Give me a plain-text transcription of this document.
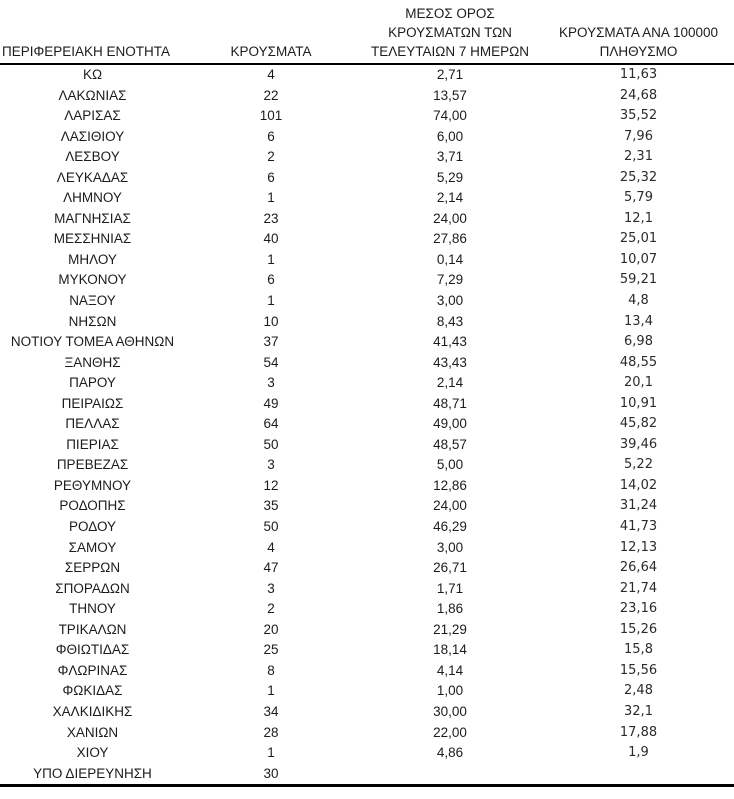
ΠΕΡΙΦΕΡΕΙΑΚΗ ΕΝΟΤΗΤΑ	ΚΡΟΥΣΜΑΤΑ	ΜΕΣΟΣ ΟΡΟΣ
ΚΡΟΥΣΜΑΤΩΝ ΤΩΝ
ΤΕΛΕΥΤΑΙΩΝ 7 ΗΜΕΡΩΝ	ΚΡΟΥΣΜΑΤΑ ΑΝΑ 100000
ΠΛΗΘΥΣΜΟ
ΚΩ	4	2,71	11,63
ΛΑΚΩΝΙΑΣ	22	13,57	24,68
ΛΑΡΙΣΑΣ	101	74,00	35,52
ΛΑΣΙΘΙΟΥ	6	6,00	7,96
ΛΕΣΒΟΥ	2	3,71	2,31
ΛΕΥΚΑΔΑΣ	6	5,29	25,32
ΛΗΜΝΟΥ	1	2,14	5,79
ΜΑΓΝΗΣΙΑΣ	23	24,00	12,1
ΜΕΣΣΗΝΙΑΣ	40	27,86	25,01
ΜΗΛΟΥ	1	0,14	10,07
ΜΥΚΟΝΟΥ	6	7,29	59,21
ΝΑΞΟΥ	1	3,00	4,8
ΝΗΣΩΝ	10	8,43	13,4
ΝΟΤΙΟΥ ΤΟΜΕΑ ΑΘΗΝΩΝ	37	41,43	6,98
ΞΑΝΘΗΣ	54	43,43	48,55
ΠΑΡΟΥ	3	2,14	20,1
ΠΕΙΡΑΙΩΣ	49	48,71	10,91
ΠΕΛΛΑΣ	64	49,00	45,82
ΠΙΕΡΙΑΣ	50	48,57	39,46
ΠΡΕΒΕΖΑΣ	3	5,00	5,22
ΡΕΘΥΜΝΟΥ	12	12,86	14,02
ΡΟΔΟΠΗΣ	35	24,00	31,24
ΡΟΔΟΥ	50	46,29	41,73
ΣΑΜΟΥ	4	3,00	12,13
ΣΕΡΡΩΝ	47	26,71	26,64
ΣΠΟΡΑΔΩΝ	3	1,71	21,74
ΤΗΝΟΥ	2	1,86	23,16
ΤΡΙΚΑΛΩΝ	20	21,29	15,26
ΦΘΙΩΤΙΔΑΣ	25	18,14	15,8
ΦΛΩΡΙΝΑΣ	8	4,14	15,56
ΦΩΚΙΔΑΣ	1	1,00	2,48
ΧΑΛΚΙΔΙΚΗΣ	34	30,00	32,1
ΧΑΝΙΩΝ	28	22,00	17,88
ΧΙΟΥ	1	4,86	1,9
ΥΠΟ ΔΙΕΡΕΥΝΗΣΗ	30		
